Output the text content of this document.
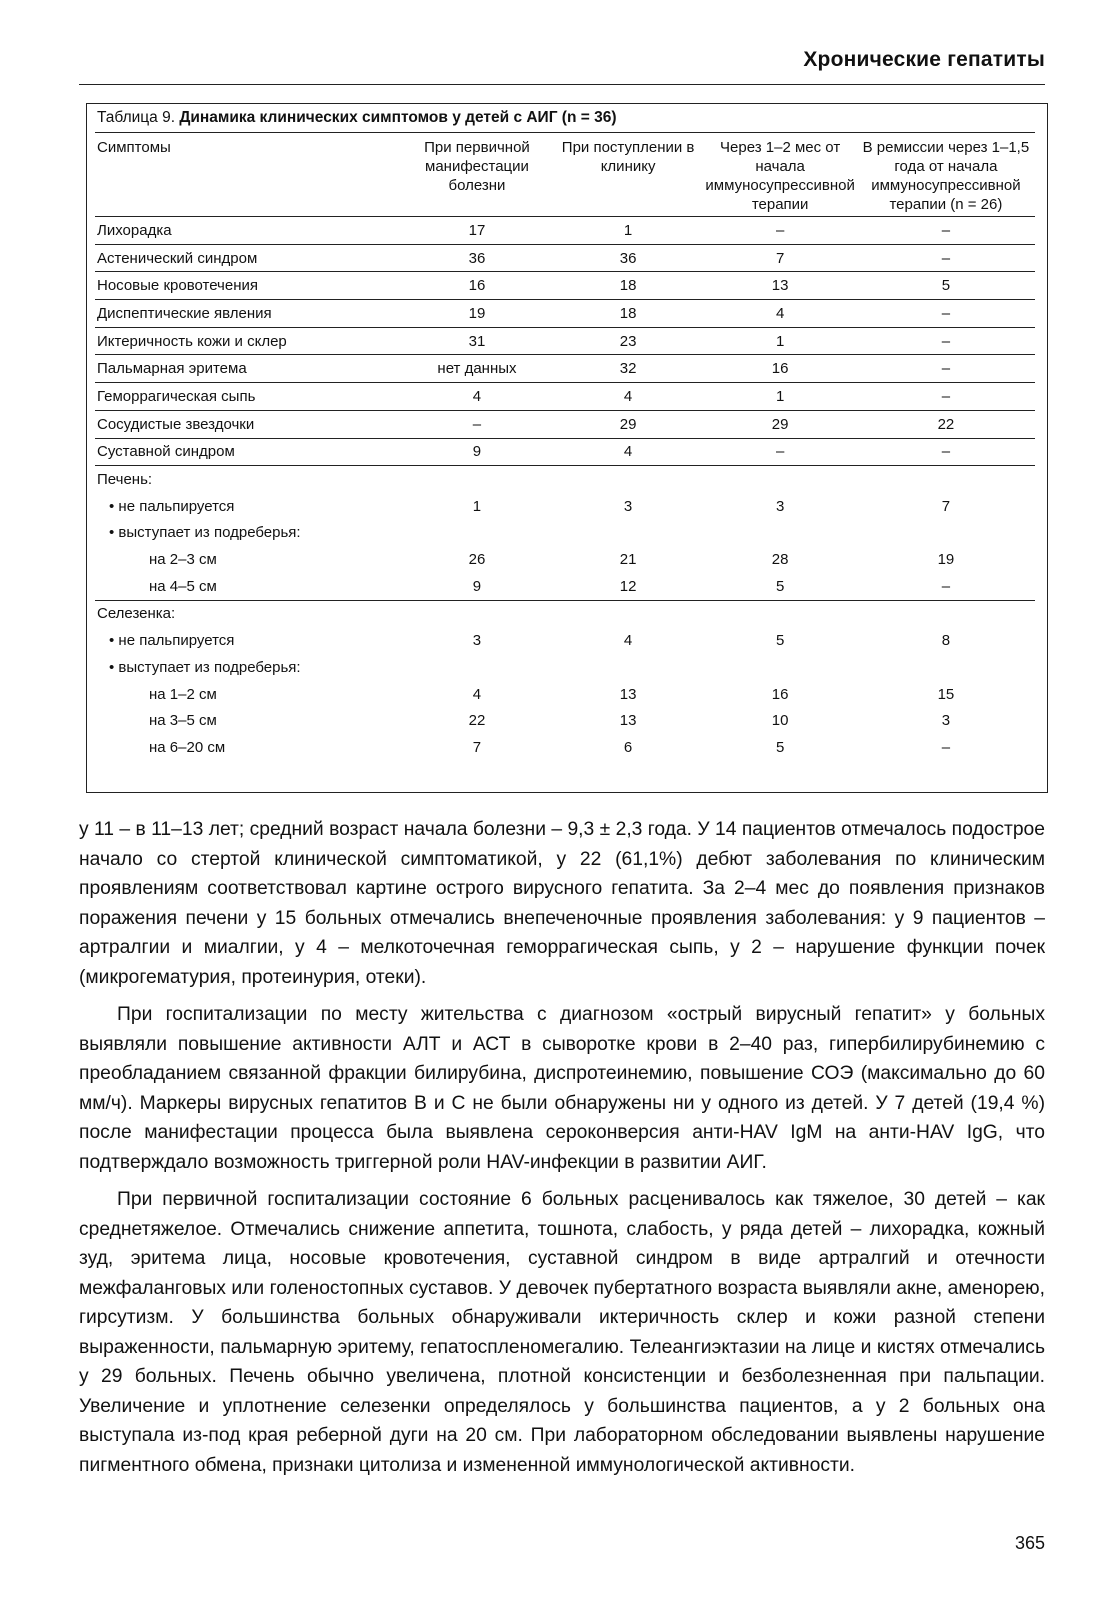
Хронические гепатиты
Таблица 9. Динамика клинических симптомов у детей с АИГ (n = 36)
Симптомы	При первичной манифестации болезни	При поступлении в клинику	Через 1–2 мес от начала иммуносупрессивной терапии	В ремиссии через 1–1,5 года от начала иммуносупрессивной терапии (n = 26)
Лихорадка	17	1	–	–
Астенический синдром	36	36	7	–
Носовые кровотечения	16	18	13	5
Диспептические явления	19	18	4	–
Иктеричность кожи и склер	31	23	1	–
Пальмарная эритема	нет данных	32	16	–
Геморрагическая сыпь	4	4	1	–
Сосудистые звездочки	–	29	29	22
Суставной синдром	9	4	–	–
Печень:				
• не пальпируется	1	3	3	7
• выступает из подреберья:				
на 2–3 см	26	21	28	19
на 4–5 см	9	12	5	–
Селезенка:				
• не пальпируется	3	4	5	8
• выступает из подреберья:				
на 1–2 см	4	13	16	15
на 3–5 см	22	13	10	3
на 6–20 см	7	6	5	–

у 11 – в 11–13 лет; средний возраст начала болезни – 9,3 ± 2,3 года. У 14 пациентов отмечалось подострое начало со стертой клинической симптоматикой, у 22 (61,1%) дебют заболевания по клиническим проявлениям соответствовал картине острого вирусного гепатита. За 2–4 мес до появления признаков поражения печени у 15 больных отмечались внепеченочные проявления заболевания: у 9 пациентов – артралгии и миалгии, у 4 – мелкоточечная геморрагическая сыпь, у 2 – нарушение функции почек (микрогематурия, протеинурия, отеки).

При госпитализации по месту жительства с диагнозом «острый вирусный гепатит» у больных выявляли повышение активности АЛТ и АСТ в сыворотке крови в 2–40 раз, гипербилирубинемию с преобладанием связанной фракции билирубина, диспротеинемию, повышение СОЭ (максимально до 60 мм/ч). Маркеры вирусных гепатитов В и С не были обнаружены ни у одного из детей. У 7 детей (19,4 %) после манифестации процесса была выявлена сероконверсия анти-HAV IgM на анти-HAV IgG, что подтверждало возможность триггерной роли HAV-инфекции в развитии АИГ.

При первичной госпитализации состояние 6 больных расценивалось как тяжелое, 30 детей – как среднетяжелое. Отмечались снижение аппетита, тошнота, слабость, у ряда детей – лихорадка, кожный зуд, эритема лица, носовые кровотечения, суставной синдром в виде артралгий и отечности межфаланговых или голеностопных суставов. У девочек пубертатного возраста выявляли акне, аменорею, гирсутизм. У большинства больных обнаруживали иктеричность склер и кожи разной степени выраженности, пальмарную эритему, гепатоспленомегалию. Телеангиэктазии на лице и кистях отмечались у 29 больных. Печень обычно увеличена, плотной консистенции и безболезненная при пальпации. Увеличение и уплотнение селезенки определялось у большинства пациентов, а у 2 больных она выступала из-под края реберной дуги на 20 см. При лабораторном обследовании выявлены нарушение пигментного обмена, признаки цитолиза и измененной иммунологической активности.

365
